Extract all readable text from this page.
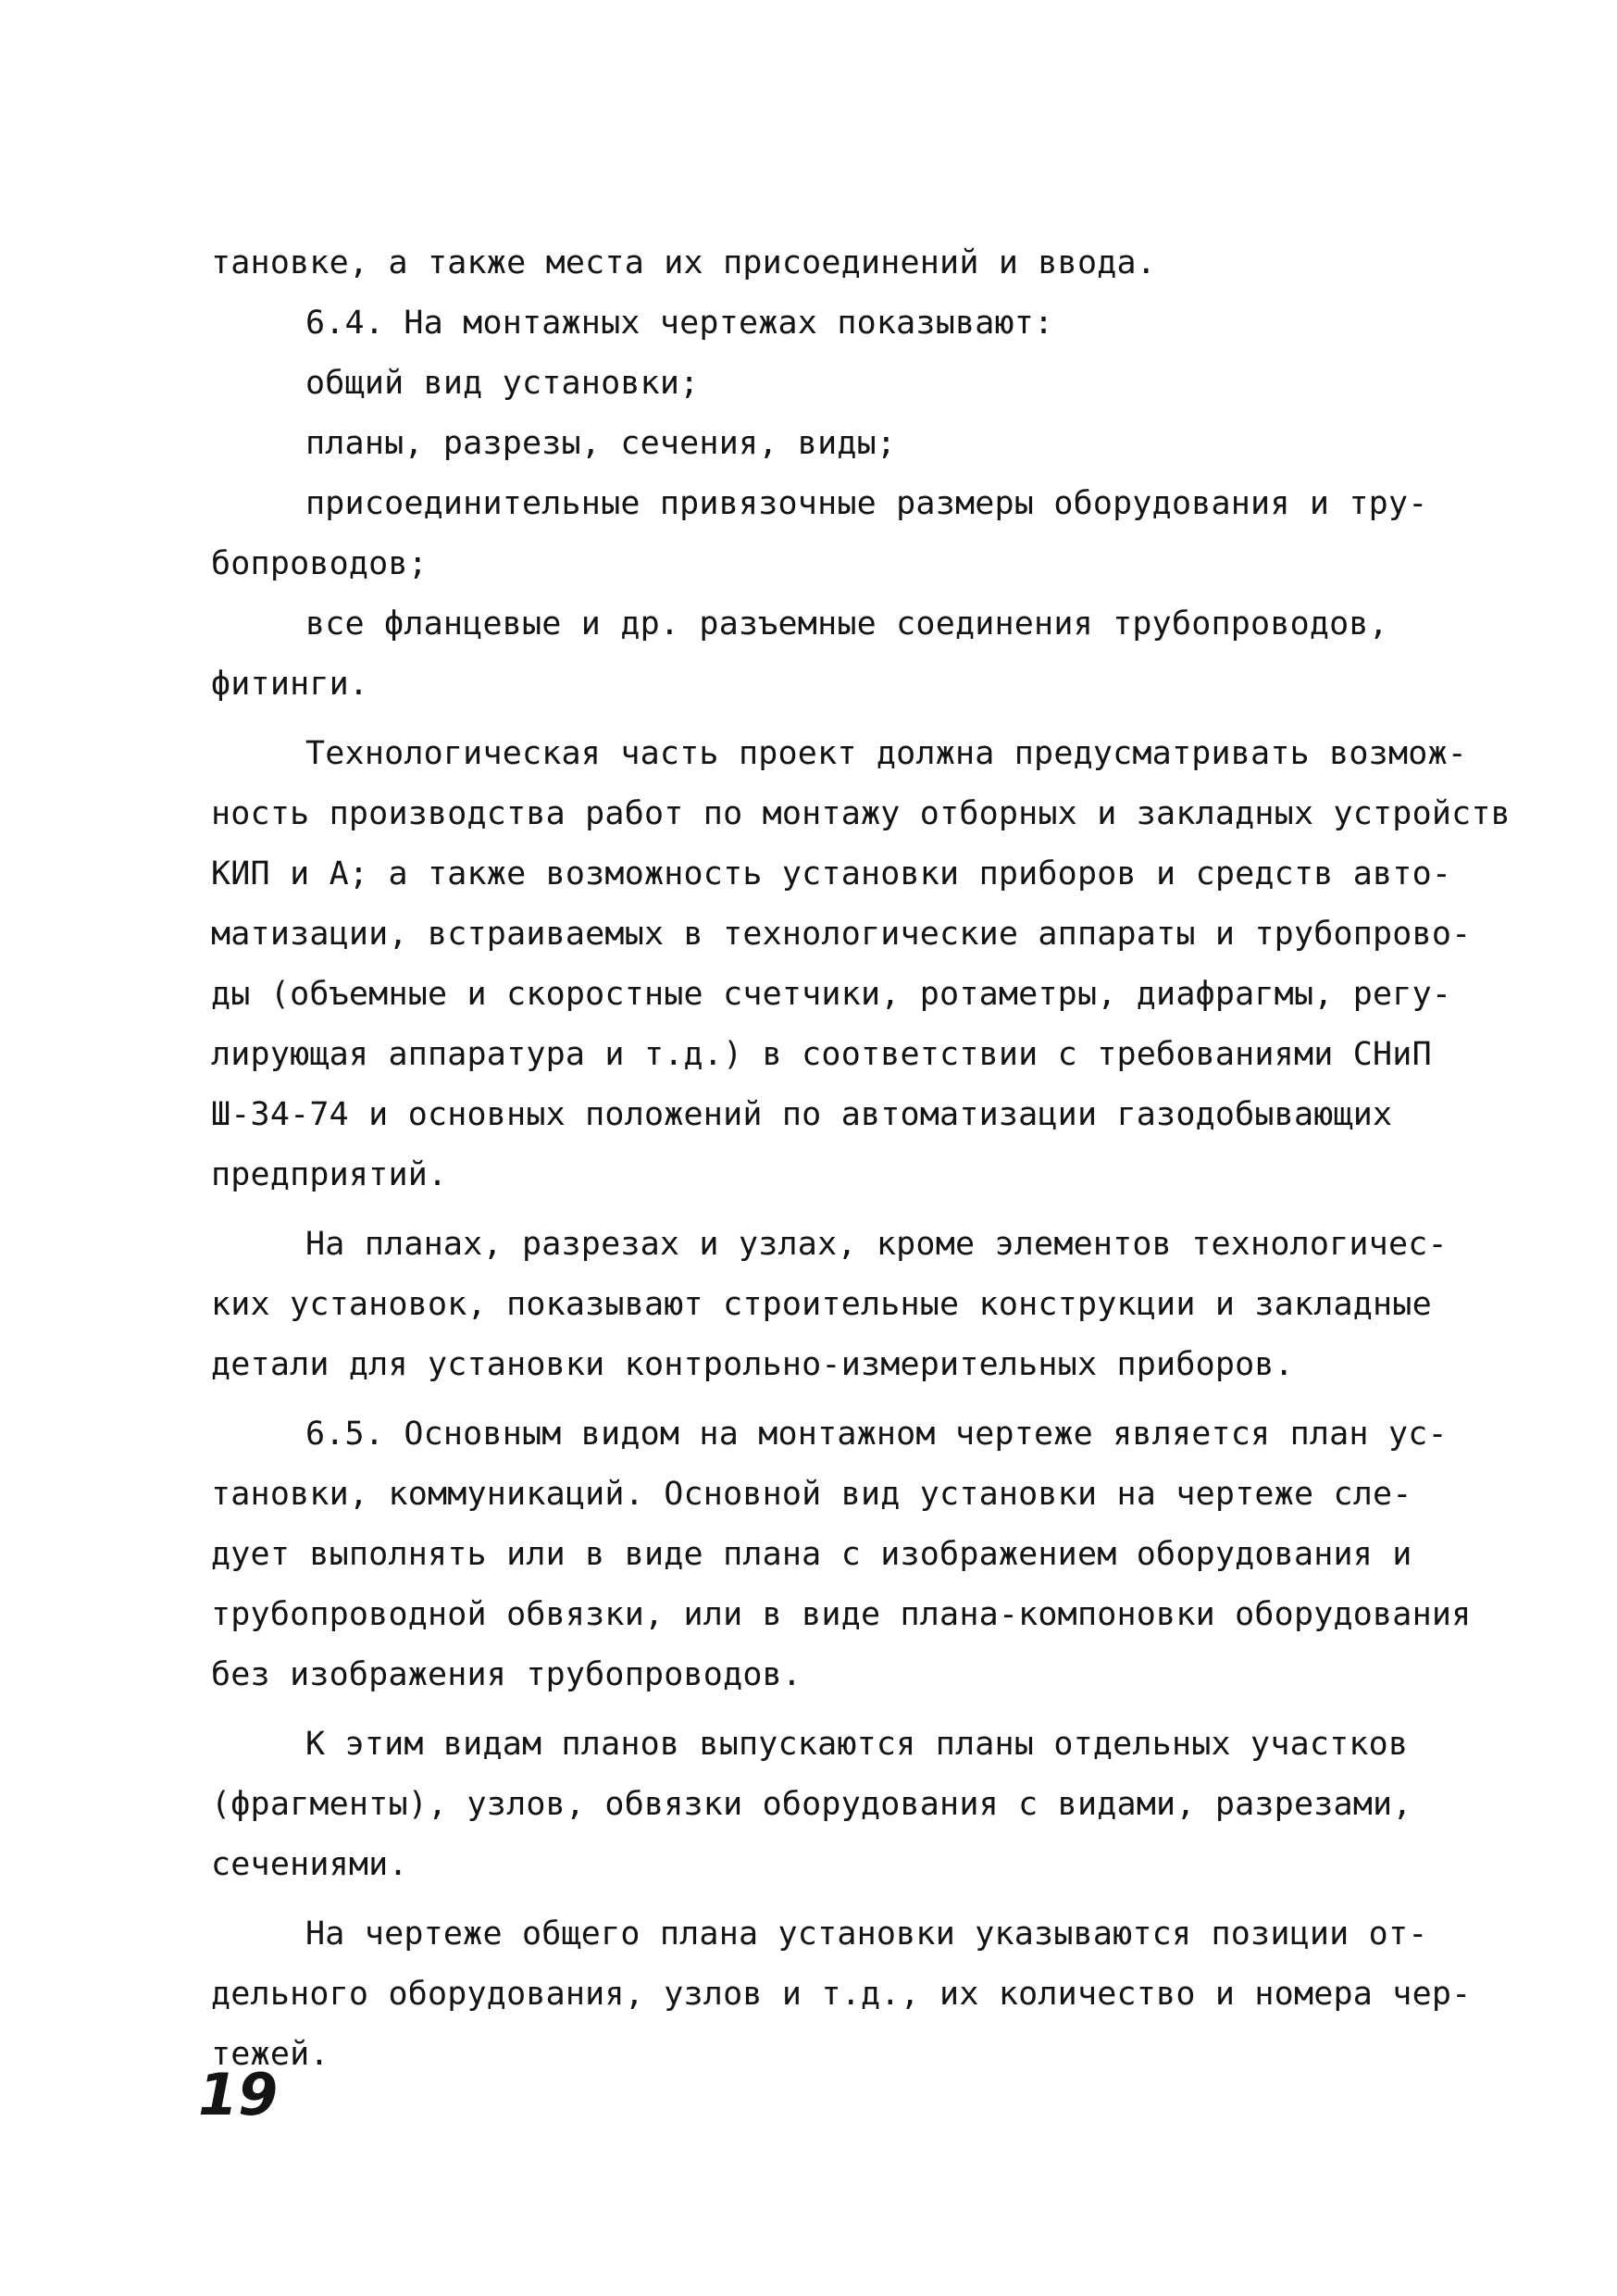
тановке, а также места их присоединений и ввода.
6.4. На монтажных чертежах показывают:
общий вид установки;
планы, разрезы, сечения, виды;
присоединительные привязочные размеры оборудования и тру-
бопроводов;
все фланцевые и др. разъемные соединения трубопроводов,
фитинги.
Технологическая часть проект должна предусматривать возмож-
ность производства работ по монтажу отборных и закладных устройств
КИП и А; а также возможность установки приборов и средств авто-
матизации, встраиваемых в технологические аппараты и трубопрово-
ды (объемные и скоростные счетчики, ротаметры, диафрагмы, регу-
лирующая аппаратура и т.д.) в соответствии с требованиями СНиП
Ш-34-74 и основных положений по автоматизации газодобывающих
предприятий.
На планах, разрезах и узлах, кроме элементов технологичес-
ких установок, показывают строительные конструкции и закладные
детали для установки контрольно-измерительных приборов.
6.5. Основным видом на монтажном чертеже является план ус-
тановки, коммуникаций. Основной вид установки на чертеже сле-
дует выполнять или в виде плана с изображением оборудования и
трубопроводной обвязки, или в виде плана-компоновки оборудования
без изображения трубопроводов.
К этим видам планов выпускаются планы отдельных участков
(фрагменты), узлов, обвязки оборудования с видами, разрезами,
сечениями.
На чертеже общего плана установки указываются позиции от-
дельного оборудования, узлов и т.д., их количество и номера чер-
тежей.
19
